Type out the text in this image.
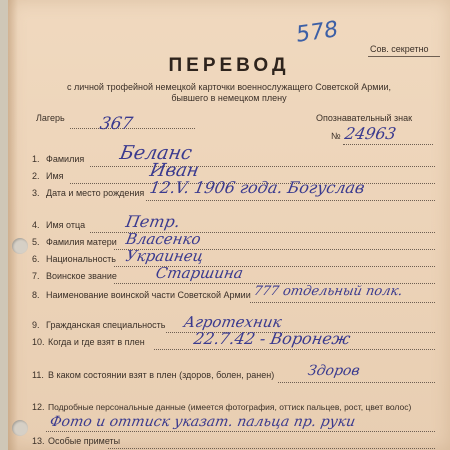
578
Сов. секретно
ПЕРЕВОД
с личной трофейной немецкой карточки военнослужащего Советской Армии,
бывшего в немецком плену
Лагерь 367	Опознавательный знак
№ 24963
1. Фамилия Беланс
2. Имя	Иван
3. Дата и место рождения 12.V. 1906 года. Богуслав
4. Имя отца Петр.
5. Фамилия матери Власенко
6. Национальность Украинец
7. Воинское звание	Старшина
8. Наименование воинской части Советской Армии 777 отдельный полк.
9. Гражданская специальность Агротехник
10. Когда и где взят в плен	22.7.42 - Воронеж
11. В каком состоянии взят в плен (здоров, болен, ранен) Здоров
12. Подробные персональные данные (имеется фотография, оттиск пальцев, рост, цвет волос)
Фото и оттиск указат. пальца пр. руки
13. Особые приметы
